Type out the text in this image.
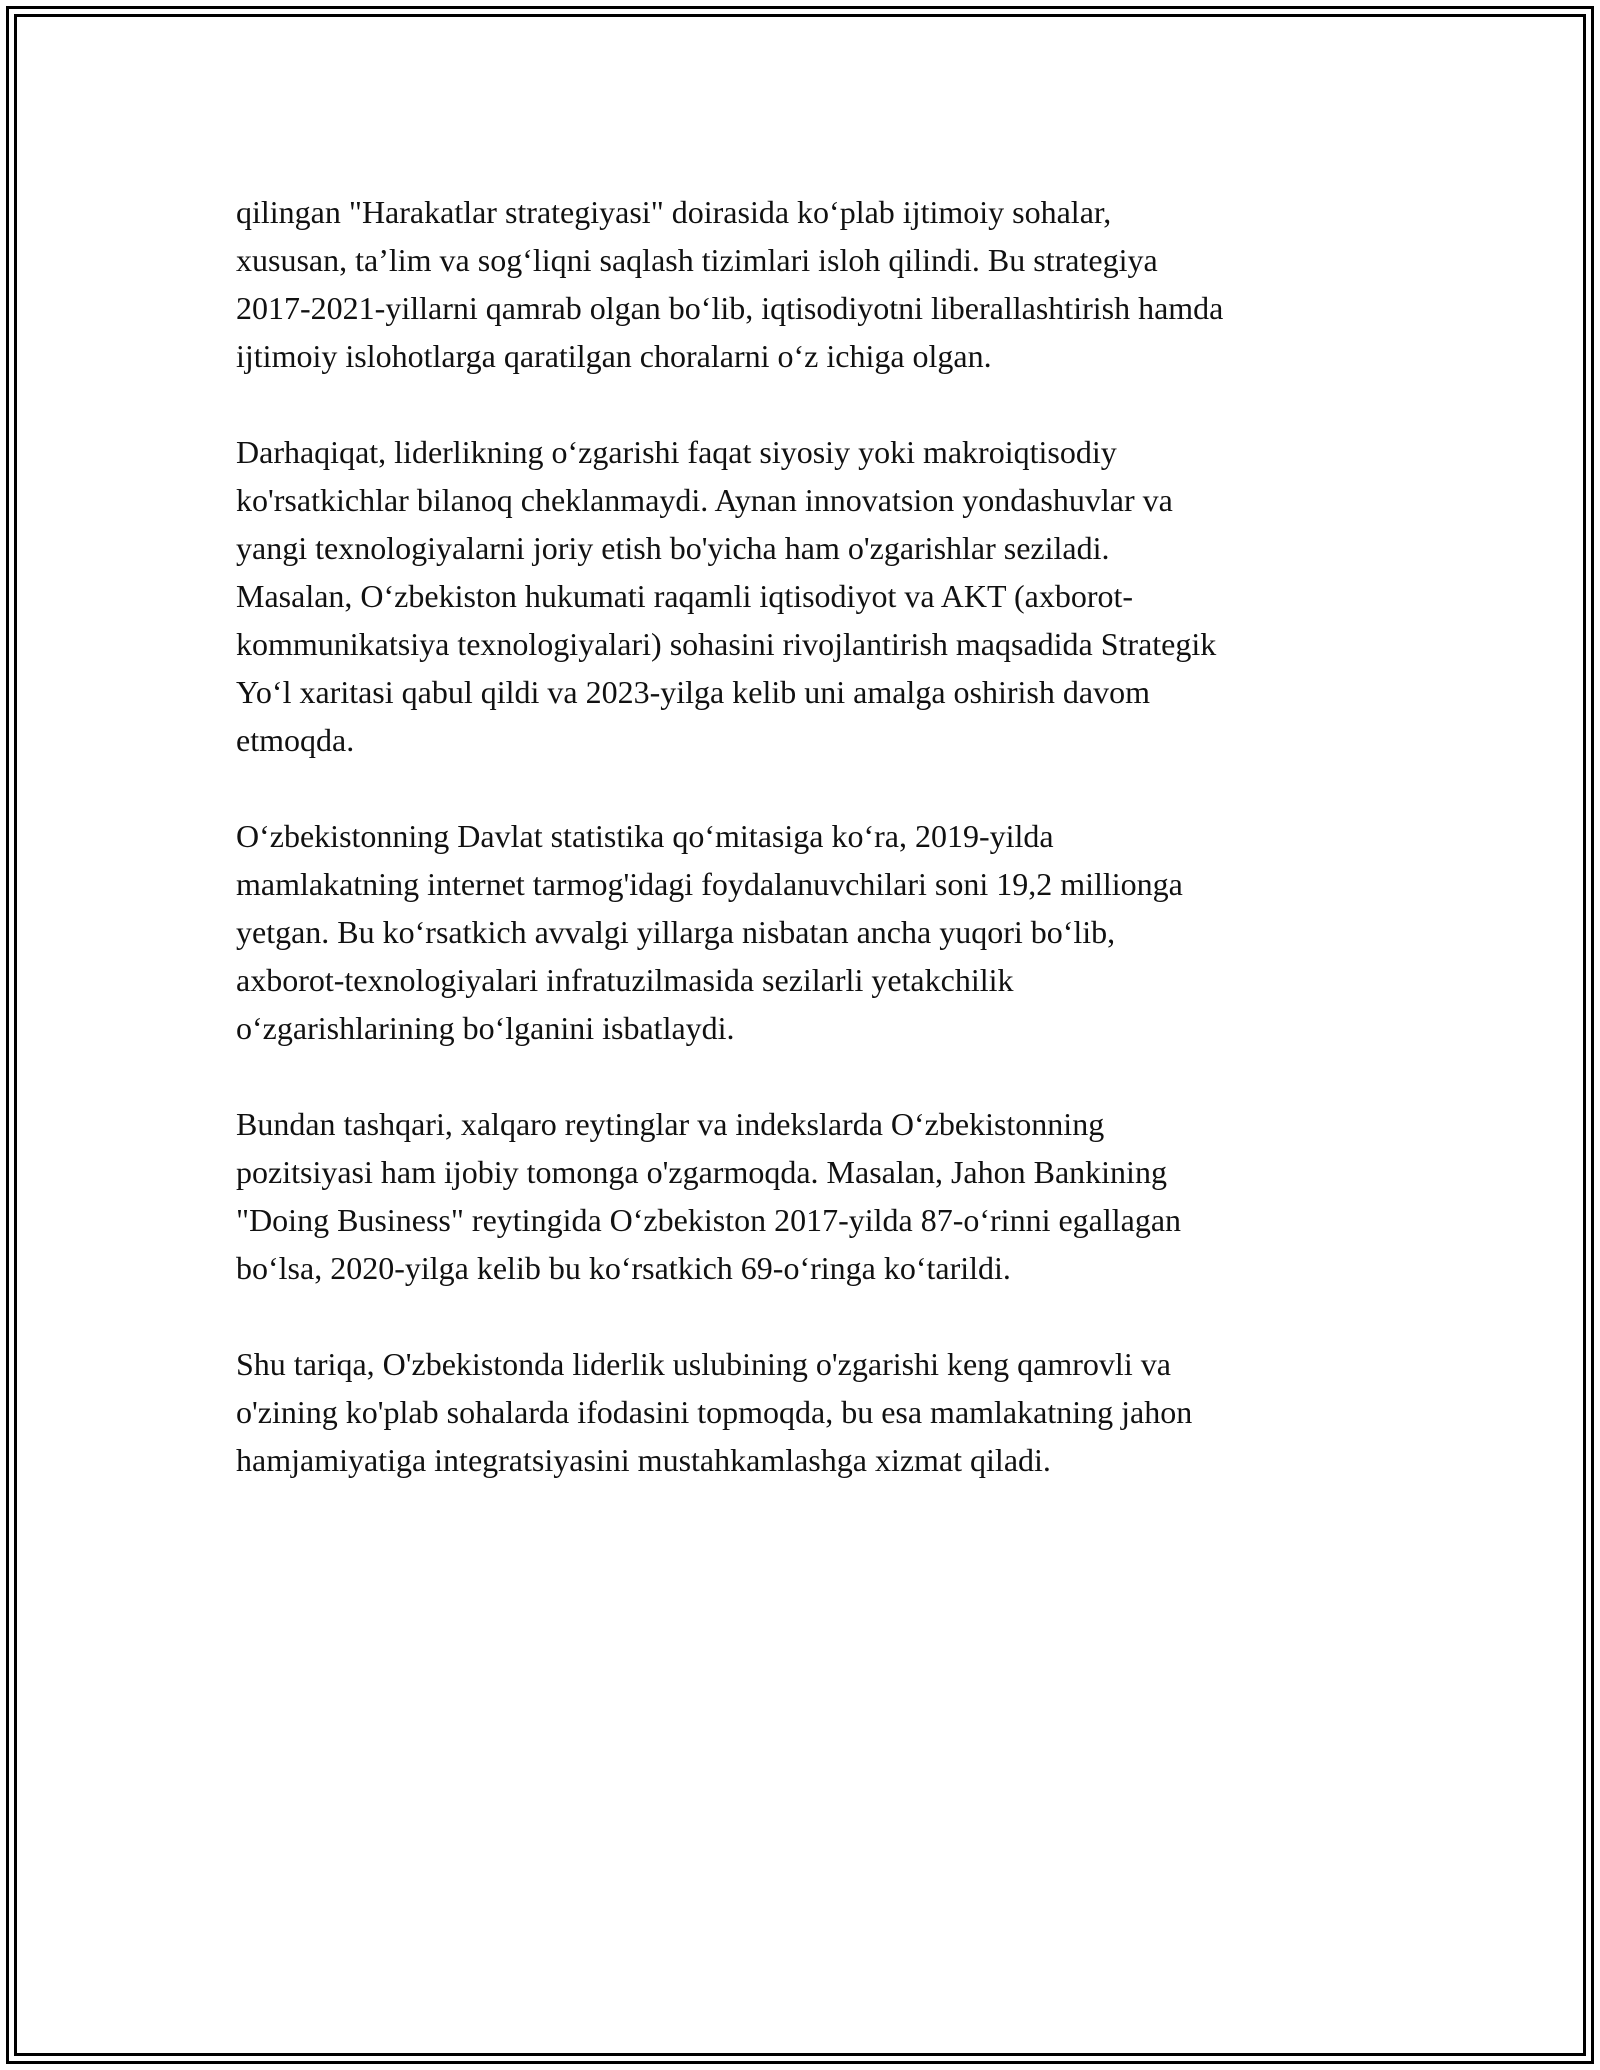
qilingan "Harakatlar strategiyasi" doirasida ko‘plab ijtimoiy sohalar,
xususan, ta’lim va sog‘liqni saqlash tizimlari isloh qilindi. Bu strategiya
2017-2021-yillarni qamrab olgan bo‘lib, iqtisodiyotni liberallashtirish hamda
ijtimoiy islohotlarga qaratilgan choralarni o‘z ichiga olgan.

Darhaqiqat, liderlikning o‘zgarishi faqat siyosiy yoki makroiqtisodiy
ko'rsatkichlar bilanoq cheklanmaydi. Aynan innovatsion yondashuvlar va
yangi texnologiyalarni joriy etish bo'yicha ham o'zgarishlar seziladi.
Masalan, O‘zbekiston hukumati raqamli iqtisodiyot va AKT (axborot-
kommunikatsiya texnologiyalari) sohasini rivojlantirish maqsadida Strategik
Yo‘l xaritasi qabul qildi va 2023-yilga kelib uni amalga oshirish davom
etmoqda.

O‘zbekistonning Davlat statistika qo‘mitasiga ko‘ra, 2019-yilda
mamlakatning internet tarmog'idagi foydalanuvchilari soni 19,2 millionga
yetgan. Bu ko‘rsatkich avvalgi yillarga nisbatan ancha yuqori bo‘lib,
axborot-texnologiyalari infratuzilmasida sezilarli yetakchilik
o‘zgarishlarining bo‘lganini isbatlaydi.

Bundan tashqari, xalqaro reytinglar va indekslarda O‘zbekistonning
pozitsiyasi ham ijobiy tomonga o'zgarmoqda. Masalan, Jahon Bankining
"Doing Business" reytingida O‘zbekiston 2017-yilda 87-o‘rinni egallagan
bo‘lsa, 2020-yilga kelib bu ko‘rsatkich 69-o‘ringa ko‘tarildi.

Shu tariqa, O'zbekistonda liderlik uslubining o'zgarishi keng qamrovli va
o'zining ko'plab sohalarda ifodasini topmoqda, bu esa mamlakatning jahon
hamjamiyatiga integratsiyasini mustahkamlashga xizmat qiladi.
